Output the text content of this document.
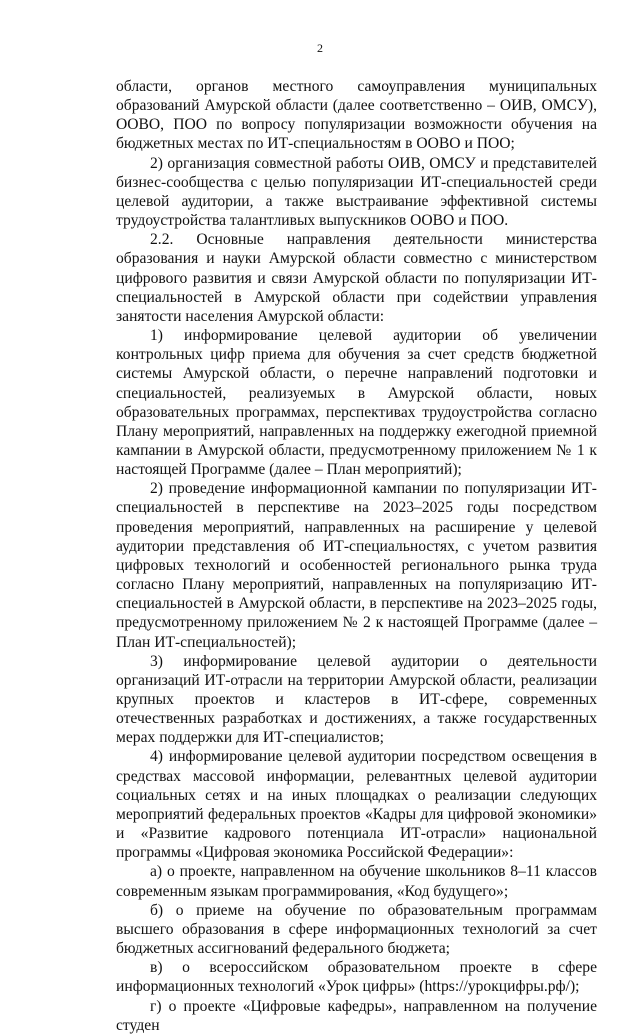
2

области, органов местного самоуправления муниципальных образований Амурской области (далее соответственно – ОИВ, ОМСУ), ООВО, ПОО по вопросу популяризации возможности обучения на бюджетных местах по ИТ-специальностям в ООВО и ПОО;

2) организация совместной работы ОИВ, ОМСУ и представителей бизнес-сообщества с целью популяризации ИТ-специальностей среди целевой аудитории, а также выстраивание эффективной системы трудоустройства талантливых выпускников ООВО и ПОО.

2.2. Основные направления деятельности министерства образования и науки Амурской области совместно с министерством цифрового развития и связи Амурской области по популяризации ИТ-специальностей в Амурской области при содействии управления занятости населения Амурской области:

1) информирование целевой аудитории об увеличении контрольных цифр приема для обучения за счет средств бюджетной системы Амурской области, о перечне направлений подготовки и специальностей, реализуемых в Амурской области, новых образовательных программах, перспективах трудоустройства согласно Плану мероприятий, направленных на поддержку ежегодной приемной кампании в Амурской области, предусмотренному приложением № 1 к настоящей Программе (далее – План мероприятий);

2) проведение информационной кампании по популяризации ИТ-специальностей в перспективе на 2023–2025 годы посредством проведения мероприятий, направленных на расширение у целевой аудитории представления об ИТ-специальностях, с учетом развития цифровых технологий и особенностей регионального рынка труда согласно Плану мероприятий, направленных на популяризацию ИТ-специальностей в Амурской области, в перспективе на 2023–2025 годы, предусмотренному приложением № 2 к настоящей Программе (далее – План ИТ-специальностей);

3) информирование целевой аудитории о деятельности организаций ИТ-отрасли на территории Амурской области, реализации крупных проектов и кластеров в ИТ-сфере, современных отечественных разработках и достижениях, а также государственных мерах поддержки для ИТ-специалистов;

4) информирование целевой аудитории посредством освещения в средствах массовой информации, релевантных целевой аудитории социальных сетях и на иных площадках о реализации следующих мероприятий федеральных проектов «Кадры для цифровой экономики» и «Развитие кадрового потенциала ИТ-отрасли» национальной программы «Цифровая экономика Российской Федерации»:

а) о проекте, направленном на обучение школьников 8–11 классов современным языкам программирования, «Код будущего»;

б) о приеме на обучение по образовательным программам высшего образования в сфере информационных технологий за счет бюджетных ассигнований федерального бюджета;

в) о всероссийском образовательном проекте в сфере информационных технологий «Урок цифры» (https://урокцифры.рф/);

г) о проекте «Цифровые кафедры», направленном на получение студен
